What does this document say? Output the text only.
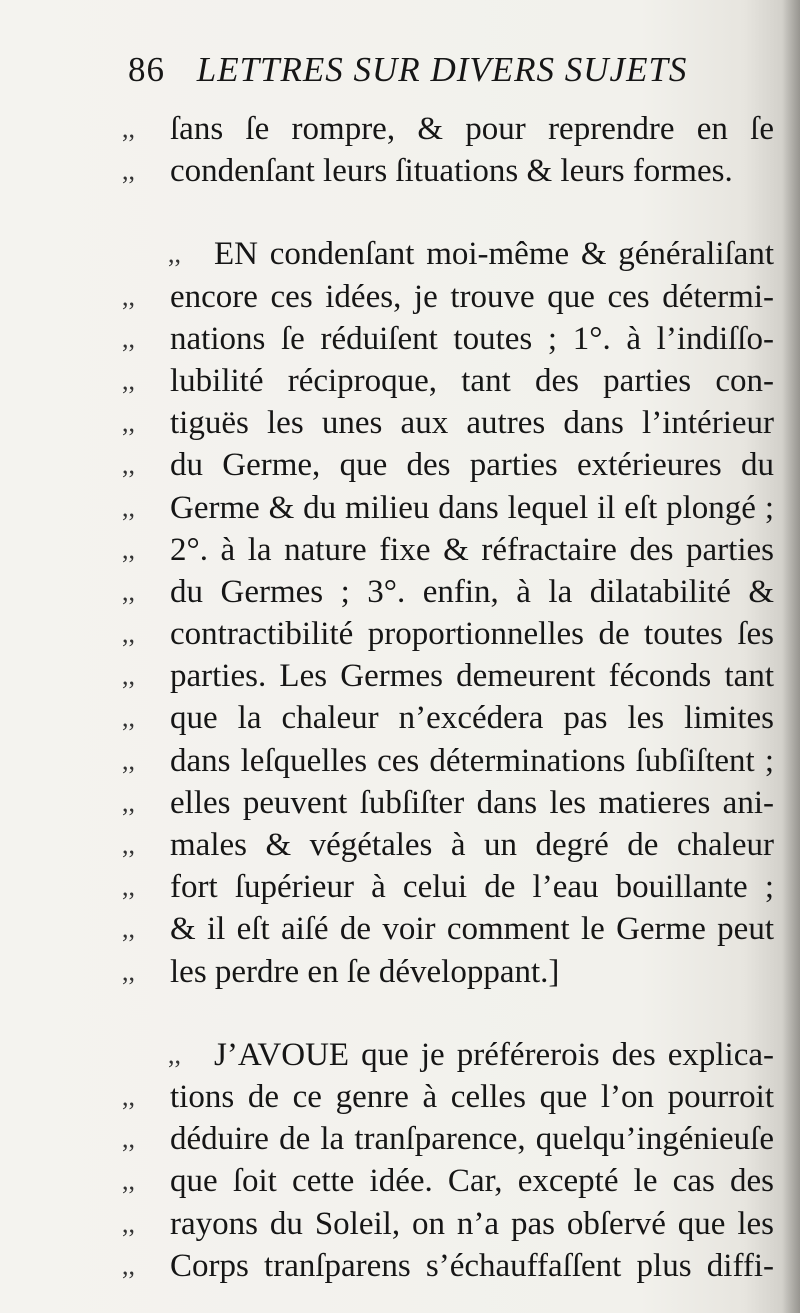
86 LETTRES SUR DIVERS SUJETS
,,	ſans ſe rompre, & pour reprendre en ſe
,,	condenſant leurs ſituations & leurs formes.
,,	EN condenſant moi-même & généraliſant
,,	encore ces idées, je trouve que ces détermi-
,,	nations ſe réduiſent toutes ; 1°. à l’indiſſo-
,,	lubilité réciproque, tant des parties con-
,,	tiguës les unes aux autres dans l’intérieur
,,	du Germe, que des parties extérieures du
,,	Germe & du milieu dans lequel il eſt plongé ;
,,	2°. à la nature fixe & réfractaire des parties
,,	du Germes ; 3°. enfin, à la dilatabilité &
,,	contractibilité proportionnelles de toutes ſes
,,	parties. Les Germes demeurent féconds tant
,,	que la chaleur n’excédera pas les limites
,,	dans leſquelles ces déterminations ſubſiſtent ;
,,	elles peuvent ſubſiſter dans les matieres ani-
,,	males & végétales à un degré de chaleur
,,	fort ſupérieur à celui de l’eau bouillante ;
,,	& il eſt aiſé de voir comment le Germe peut
,,	les perdre en ſe développant.]
,,	J’AVOUE que je préférerois des explica-
,,	tions de ce genre à celles que l’on pourroit
,,	déduire de la tranſparence, quelqu’ingénieuſe
,,	que ſoit cette idée. Car, excepté le cas des
,,	rayons du Soleil, on n’a pas obſervé que les
,,	Corps tranſparens s’échauffaſſent plus diffi-
